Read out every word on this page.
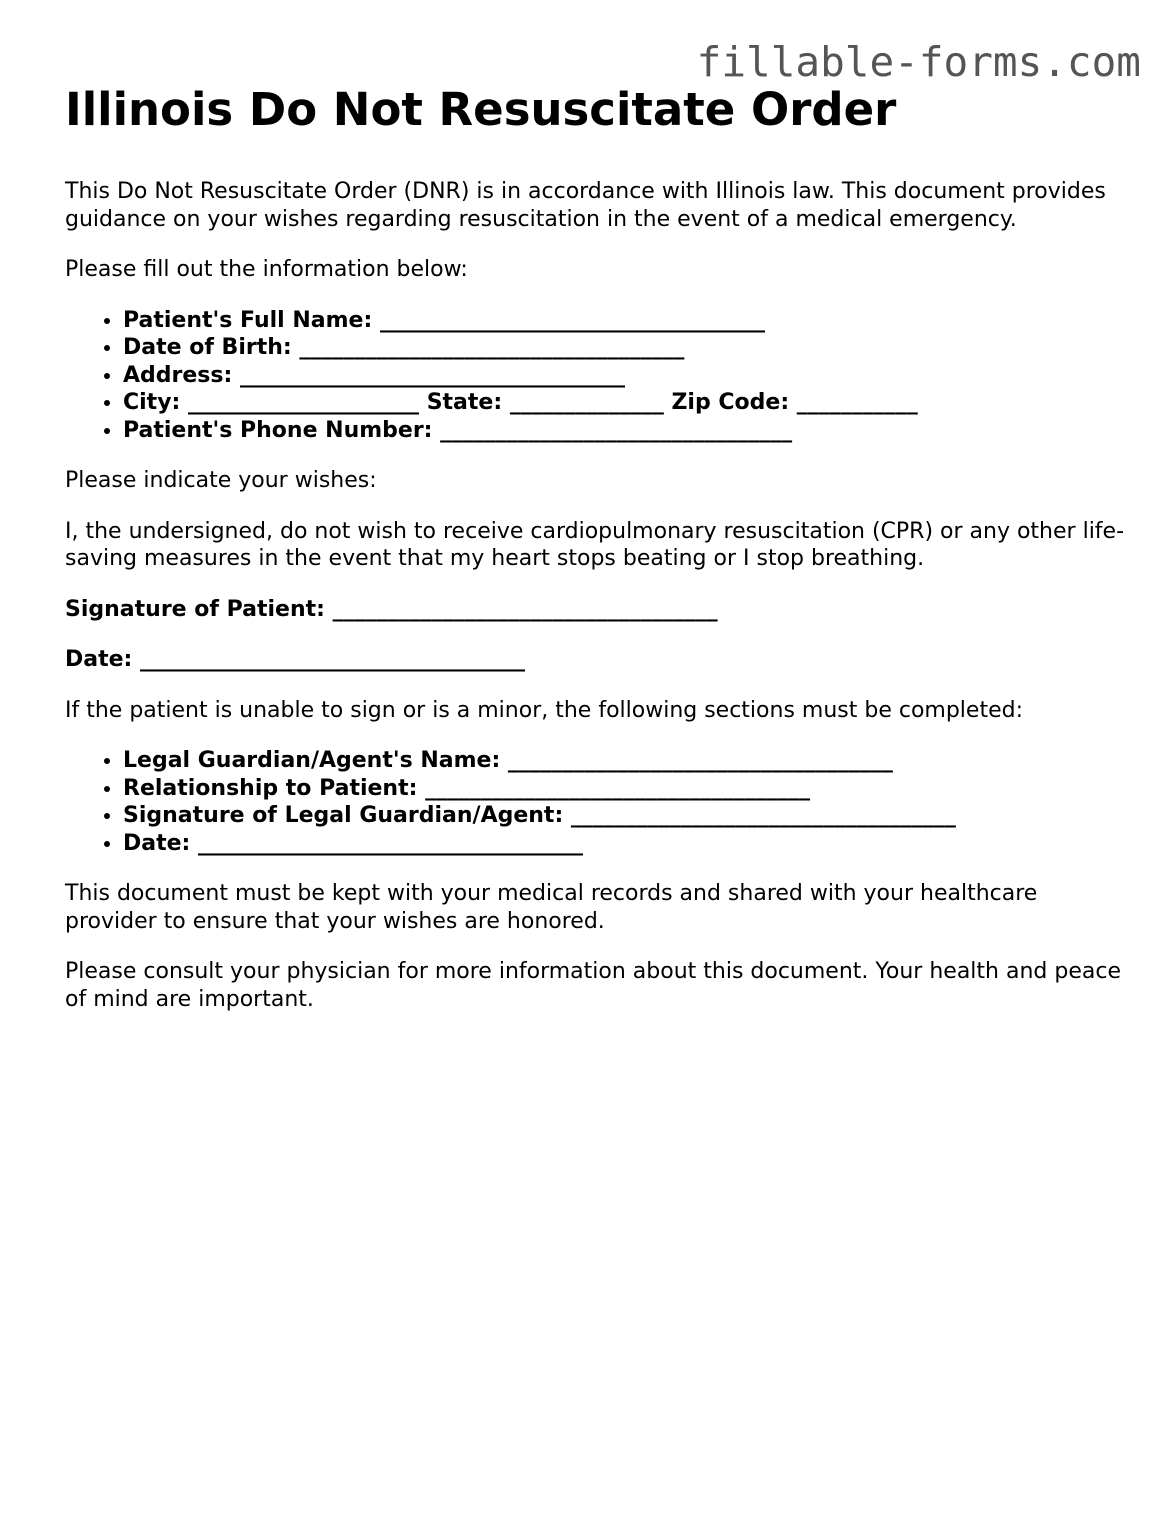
fillable-forms.com
Illinois Do Not Resuscitate Order

This Do Not Resuscitate Order (DNR) is in accordance with Illinois law. This document provides guidance on your wishes regarding resuscitation in the event of a medical emergency.

Please fill out the information below:

• Patient's Full Name: ___________________________________
• Date of Birth: ___________________________________
• Address: ___________________________________
• City: _____________________ State: ______________ Zip Code: ___________
• Patient's Phone Number: ________________________________

Please indicate your wishes:

I, the undersigned, do not wish to receive cardiopulmonary resuscitation (CPR) or any other life-saving measures in the event that my heart stops beating or I stop breathing.

Signature of Patient: ___________________________________

Date: ___________________________________

If the patient is unable to sign or is a minor, the following sections must be completed:

• Legal Guardian/Agent's Name: ___________________________________
• Relationship to Patient: ___________________________________
• Signature of Legal Guardian/Agent: ___________________________________
• Date: ___________________________________

This document must be kept with your medical records and shared with your healthcare provider to ensure that your wishes are honored.

Please consult your physician for more information about this document. Your health and peace of mind are important.
